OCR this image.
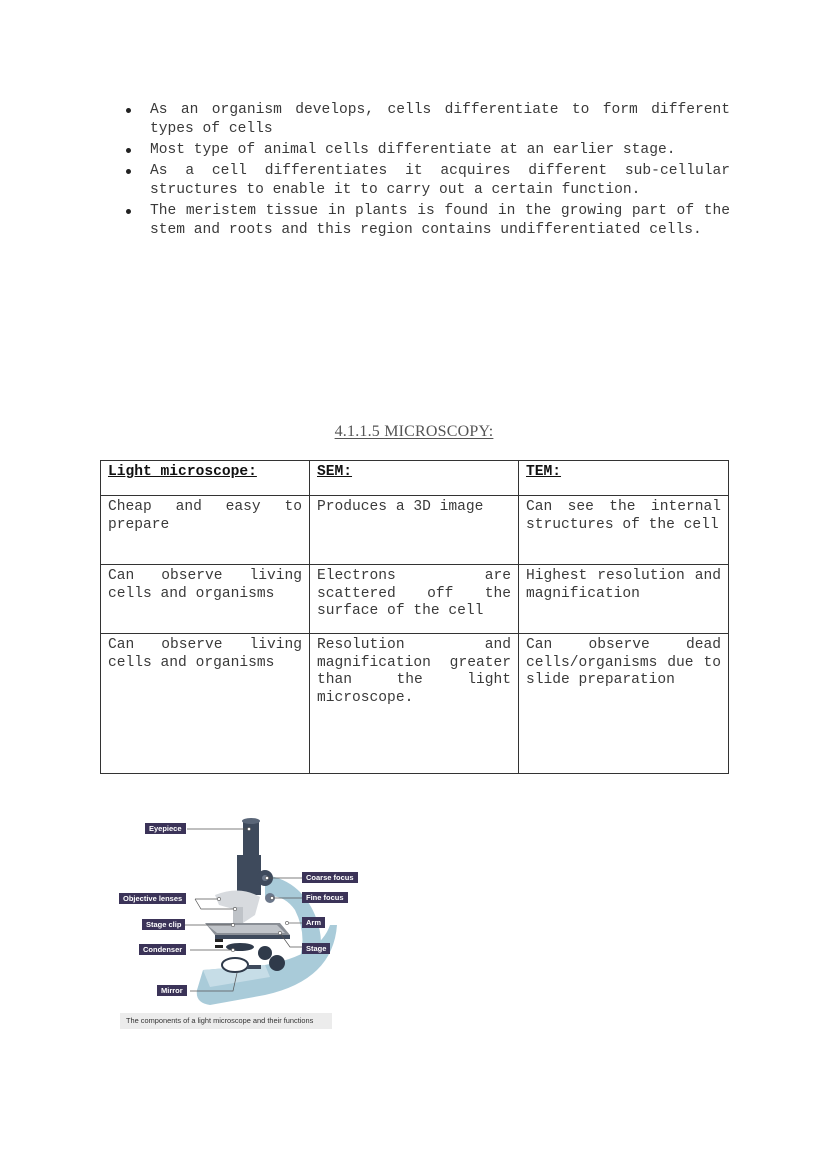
As an organism develops, cells differentiate to form different types of cells
Most type of animal cells differentiate at an earlier stage.
As a cell differentiates it acquires different sub-cellular structures to enable it to carry out a certain function.
The meristem tissue in plants is found in the growing part of the stem and roots and this region contains undifferentiated cells.
4.1.1.5 MICROSCOPY:
Light microscope:	SEM:	TEM:
Cheap and easy to prepare	Produces a 3D image	Can see the internal structures of the cell
Can observe living cells and organisms	Electrons are scattered off the surface of the cell	Highest resolution and magnification
Can observe living cells and organisms	Resolution and magnification greater than the light microscope.	Can observe dead cells/organisms due to slide preparation
Eyepiece
Objective lenses
Stage clip
Condenser
Mirror
Coarse focus
Fine focus
Arm
Stage
The components of a light microscope and their functions
